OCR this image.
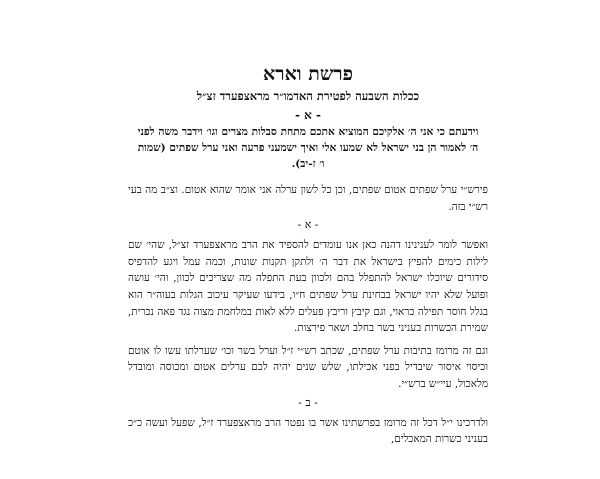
פרשת וארא

ככלות השבעה לפטירת האדמו״ר מראצפערד זצ״ל

- א -

וידעתם כי אני ה׳ אלקיכם המוציא אתכם מתחת סבלות מצרים וגו׳ וידבר משה לפני ה׳ לאמור הן בני ישראל לא שמעו אלי ואיך ישמעני פרעה ואני ערל שפתים (שמות ו׳ ז-יב).

פירש״י ערל שפתים אטום שפתים, וכן כל לשון ערלה אני אומר שהוא אטום. וצ״ב מה בעי רש״י בזה.

- א -

ואפשר לומר לענינינו דהנה כאן אנו עומדים להספיד את הרב מראצפערד זצ״ל, שהי׳ שם לילות כימים להפיץ בישראל את דבר ה׳ ולתקן תקנות שונות, וכמה עמל ויגע להדפיס סידורים שיוכלו ישראל להתפלל בהם ולכוון בעת התפלה מה שצריכים לכוון, והי׳ עושה ופועל שלא יהיו ישראל בבחינת ערל שפתים ח״ו, בידעו שעיקר עיכוב הגלות בעוה״ר הוא בגלל חוסר תפילה כראוי, וגם קיבץ וריבץ פעלים ללא לאות במלחמת מצוה נגד פאה נכרית, שמירת הכשרות בעניני בשר בחלב ושאר פירצות.

וגם זה מרומז בתיבות ערל שפתים, שכתב רש״י ז״ל וערל בשר וכו׳ שערלתו עשו לו אוטם וכיסוי איסור שיבדיל בפני אכילתו, שלש שנים יהיה לכם ערלים אטום ומכוסה ומובדל מלאכול, עיי״ש ברש״י.

- ב -

ולדרכינו י״ל דכל זה מרומז בפרשתינו אשר בו נפטר הרב מראצפערד ז״ל, שפעל ועשה כ״כ בעניני כשרות המאכלים,
